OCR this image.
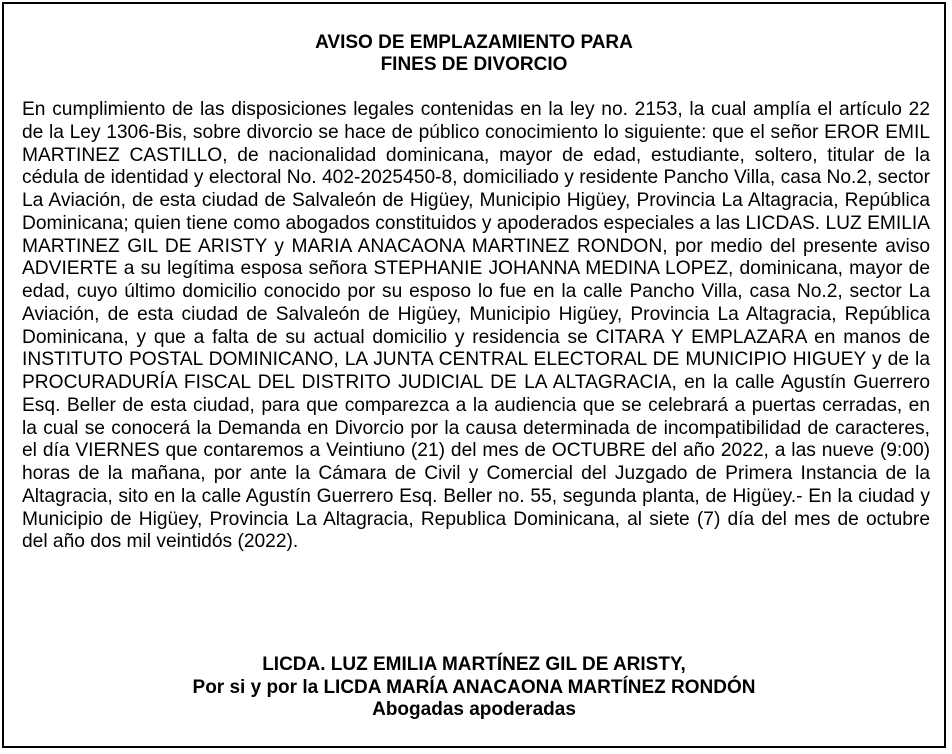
AVISO DE EMPLAZAMIENTO PARA
FINES DE DIVORCIO

En cumplimiento de las disposiciones legales contenidas en la ley no. 2153, la cual amplía el artículo 22 de la Ley 1306-Bis, sobre divorcio se hace de público conocimiento lo siguiente: que el señor EROR EMIL MARTINEZ CASTILLO, de nacionalidad dominicana, mayor de edad, estudiante, soltero, titular de la cédula de identidad y electoral No. 402-2025450-8, domiciliado y residente Pancho Villa, casa No.2, sector La Aviación, de esta ciudad de Salvaleón de Higüey, Municipio Higüey, Provincia La Altagracia, República Dominicana; quien tiene como abogados constituidos y apoderados especiales a las LICDAS. LUZ EMILIA MARTINEZ GIL DE ARISTY y MARIA ANACAONA MARTINEZ RONDON, por medio del presente aviso ADVIERTE a su legítima esposa señora STEPHANIE JOHANNA MEDINA LOPEZ, dominicana, mayor de edad, cuyo último domicilio conocido por su esposo lo fue en la calle Pancho Villa, casa No.2, sector La Aviación, de esta ciudad de Salvaleón de Higüey, Municipio Higüey, Provincia La Altagracia, República Dominicana, y que a falta de su actual domicilio y residencia se CITARA Y EMPLAZARA en manos de INSTITUTO POSTAL DOMINICANO, LA JUNTA CENTRAL ELECTORAL DE MUNICIPIO HIGUEY y de la PROCURADURÍA FISCAL DEL DISTRITO JUDICIAL DE LA ALTAGRACIA, en la calle Agustín Guerrero Esq. Beller de esta ciudad, para que comparezca a la audiencia que se celebrará a puertas cerradas, en la cual se conocerá la Demanda en Divorcio por la causa determinada de incompatibilidad de caracteres, el día VIERNES que contaremos a Veintiuno (21) del mes de OCTUBRE del año 2022, a las nueve (9:00) horas de la mañana, por ante la Cámara de Civil y Comercial del Juzgado de Primera Instancia de la Altagracia, sito en la calle Agustín Guerrero Esq. Beller no. 55, segunda planta, de Higüey.- En la ciudad y Municipio de Higüey, Provincia La Altagracia, Republica Dominicana, al siete (7) día del mes de octubre del año dos mil veintidós (2022).

LICDA. LUZ EMILIA MARTÍNEZ GIL DE ARISTY,
Por si y por la LICDA MARÍA ANACAONA MARTÍNEZ RONDÓN
Abogadas apoderadas
